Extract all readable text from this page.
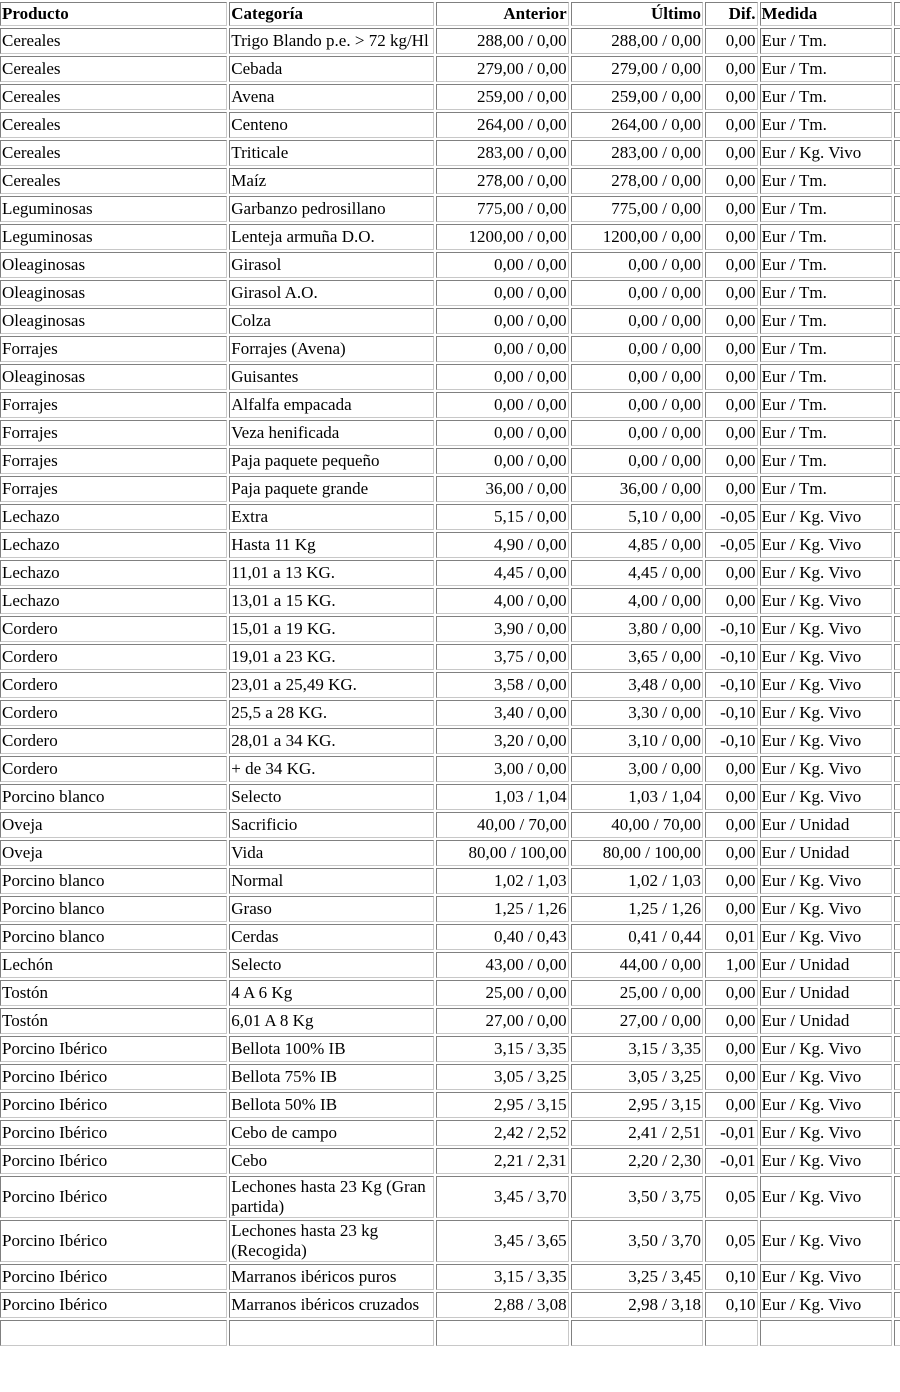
Producto	Categoría	Anterior	Último	Dif.	Medida	
Cereales	Trigo Blando p.e. > 72 kg/Hl	288,00 / 0,00	288,00 / 0,00	0,00	Eur / Tm.	
Cereales	Cebada	279,00 / 0,00	279,00 / 0,00	0,00	Eur / Tm.	
Cereales	Avena	259,00 / 0,00	259,00 / 0,00	0,00	Eur / Tm.	
Cereales	Centeno	264,00 / 0,00	264,00 / 0,00	0,00	Eur / Tm.	
Cereales	Triticale	283,00 / 0,00	283,00 / 0,00	0,00	Eur / Kg. Vivo	
Cereales	Maíz	278,00 / 0,00	278,00 / 0,00	0,00	Eur / Tm.	
Leguminosas	Garbanzo pedrosillano	775,00 / 0,00	775,00 / 0,00	0,00	Eur / Tm.	
Leguminosas	Lenteja armuña D.O.	1200,00 / 0,00	1200,00 / 0,00	0,00	Eur / Tm.	
Oleaginosas	Girasol	0,00 / 0,00	0,00 / 0,00	0,00	Eur / Tm.	
Oleaginosas	Girasol A.O.	0,00 / 0,00	0,00 / 0,00	0,00	Eur / Tm.	
Oleaginosas	Colza	0,00 / 0,00	0,00 / 0,00	0,00	Eur / Tm.	
Forrajes	Forrajes (Avena)	0,00 / 0,00	0,00 / 0,00	0,00	Eur / Tm.	
Oleaginosas	Guisantes	0,00 / 0,00	0,00 / 0,00	0,00	Eur / Tm.	
Forrajes	Alfalfa empacada	0,00 / 0,00	0,00 / 0,00	0,00	Eur / Tm.	
Forrajes	Veza henificada	0,00 / 0,00	0,00 / 0,00	0,00	Eur / Tm.	
Forrajes	Paja paquete pequeño	0,00 / 0,00	0,00 / 0,00	0,00	Eur / Tm.	
Forrajes	Paja paquete grande	36,00 / 0,00	36,00 / 0,00	0,00	Eur / Tm.	
Lechazo	Extra	5,15 / 0,00	5,10 / 0,00	-0,05	Eur / Kg. Vivo	
Lechazo	Hasta 11 Kg	4,90 / 0,00	4,85 / 0,00	-0,05	Eur / Kg. Vivo	
Lechazo	11,01 a 13 KG.	4,45 / 0,00	4,45 / 0,00	0,00	Eur / Kg. Vivo	
Lechazo	13,01 a 15 KG.	4,00 / 0,00	4,00 / 0,00	0,00	Eur / Kg. Vivo	
Cordero	15,01 a 19 KG.	3,90 / 0,00	3,80 / 0,00	-0,10	Eur / Kg. Vivo	
Cordero	19,01 a 23 KG.	3,75 / 0,00	3,65 / 0,00	-0,10	Eur / Kg. Vivo	
Cordero	23,01 a 25,49 KG.	3,58 / 0,00	3,48 / 0,00	-0,10	Eur / Kg. Vivo	
Cordero	25,5 a 28 KG.	3,40 / 0,00	3,30 / 0,00	-0,10	Eur / Kg. Vivo	
Cordero	28,01 a 34 KG.	3,20 / 0,00	3,10 / 0,00	-0,10	Eur / Kg. Vivo	
Cordero	+ de 34 KG.	3,00 / 0,00	3,00 / 0,00	0,00	Eur / Kg. Vivo	
Porcino blanco	Selecto	1,03 / 1,04	1,03 / 1,04	0,00	Eur / Kg. Vivo	
Oveja	Sacrificio	40,00 / 70,00	40,00 / 70,00	0,00	Eur / Unidad	
Oveja	Vida	80,00 / 100,00	80,00 / 100,00	0,00	Eur / Unidad	
Porcino blanco	Normal	1,02 / 1,03	1,02 / 1,03	0,00	Eur / Kg. Vivo	
Porcino blanco	Graso	1,25 / 1,26	1,25 / 1,26	0,00	Eur / Kg. Vivo	
Porcino blanco	Cerdas	0,40 / 0,43	0,41 / 0,44	0,01	Eur / Kg. Vivo	
Lechón	Selecto	43,00 / 0,00	44,00 / 0,00	1,00	Eur / Unidad	
Tostón	4 A 6 Kg	25,00 / 0,00	25,00 / 0,00	0,00	Eur / Unidad	
Tostón	6,01 A 8 Kg	27,00 / 0,00	27,00 / 0,00	0,00	Eur / Unidad	
Porcino Ibérico	Bellota 100% IB	3,15 / 3,35	3,15 / 3,35	0,00	Eur / Kg. Vivo	
Porcino Ibérico	Bellota 75% IB	3,05 / 3,25	3,05 / 3,25	0,00	Eur / Kg. Vivo	
Porcino Ibérico	Bellota 50% IB	2,95 / 3,15	2,95 / 3,15	0,00	Eur / Kg. Vivo	
Porcino Ibérico	Cebo de campo	2,42 / 2,52	2,41 / 2,51	-0,01	Eur / Kg. Vivo	
Porcino Ibérico	Cebo	2,21 / 2,31	2,20 / 2,30	-0,01	Eur / Kg. Vivo	
Porcino Ibérico	Lechones hasta 23 Kg (Gran partida)	3,45 / 3,70	3,50 / 3,75	0,05	Eur / Kg. Vivo	
Porcino Ibérico	Lechones hasta 23 kg (Recogida)	3,45 / 3,65	3,50 / 3,70	0,05	Eur / Kg. Vivo	
Porcino Ibérico	Marranos ibéricos puros	3,15 / 3,35	3,25 / 3,45	0,10	Eur / Kg. Vivo	
Porcino Ibérico	Marranos ibéricos cruzados	2,88 / 3,08	2,98 / 3,18	0,10	Eur / Kg. Vivo	
